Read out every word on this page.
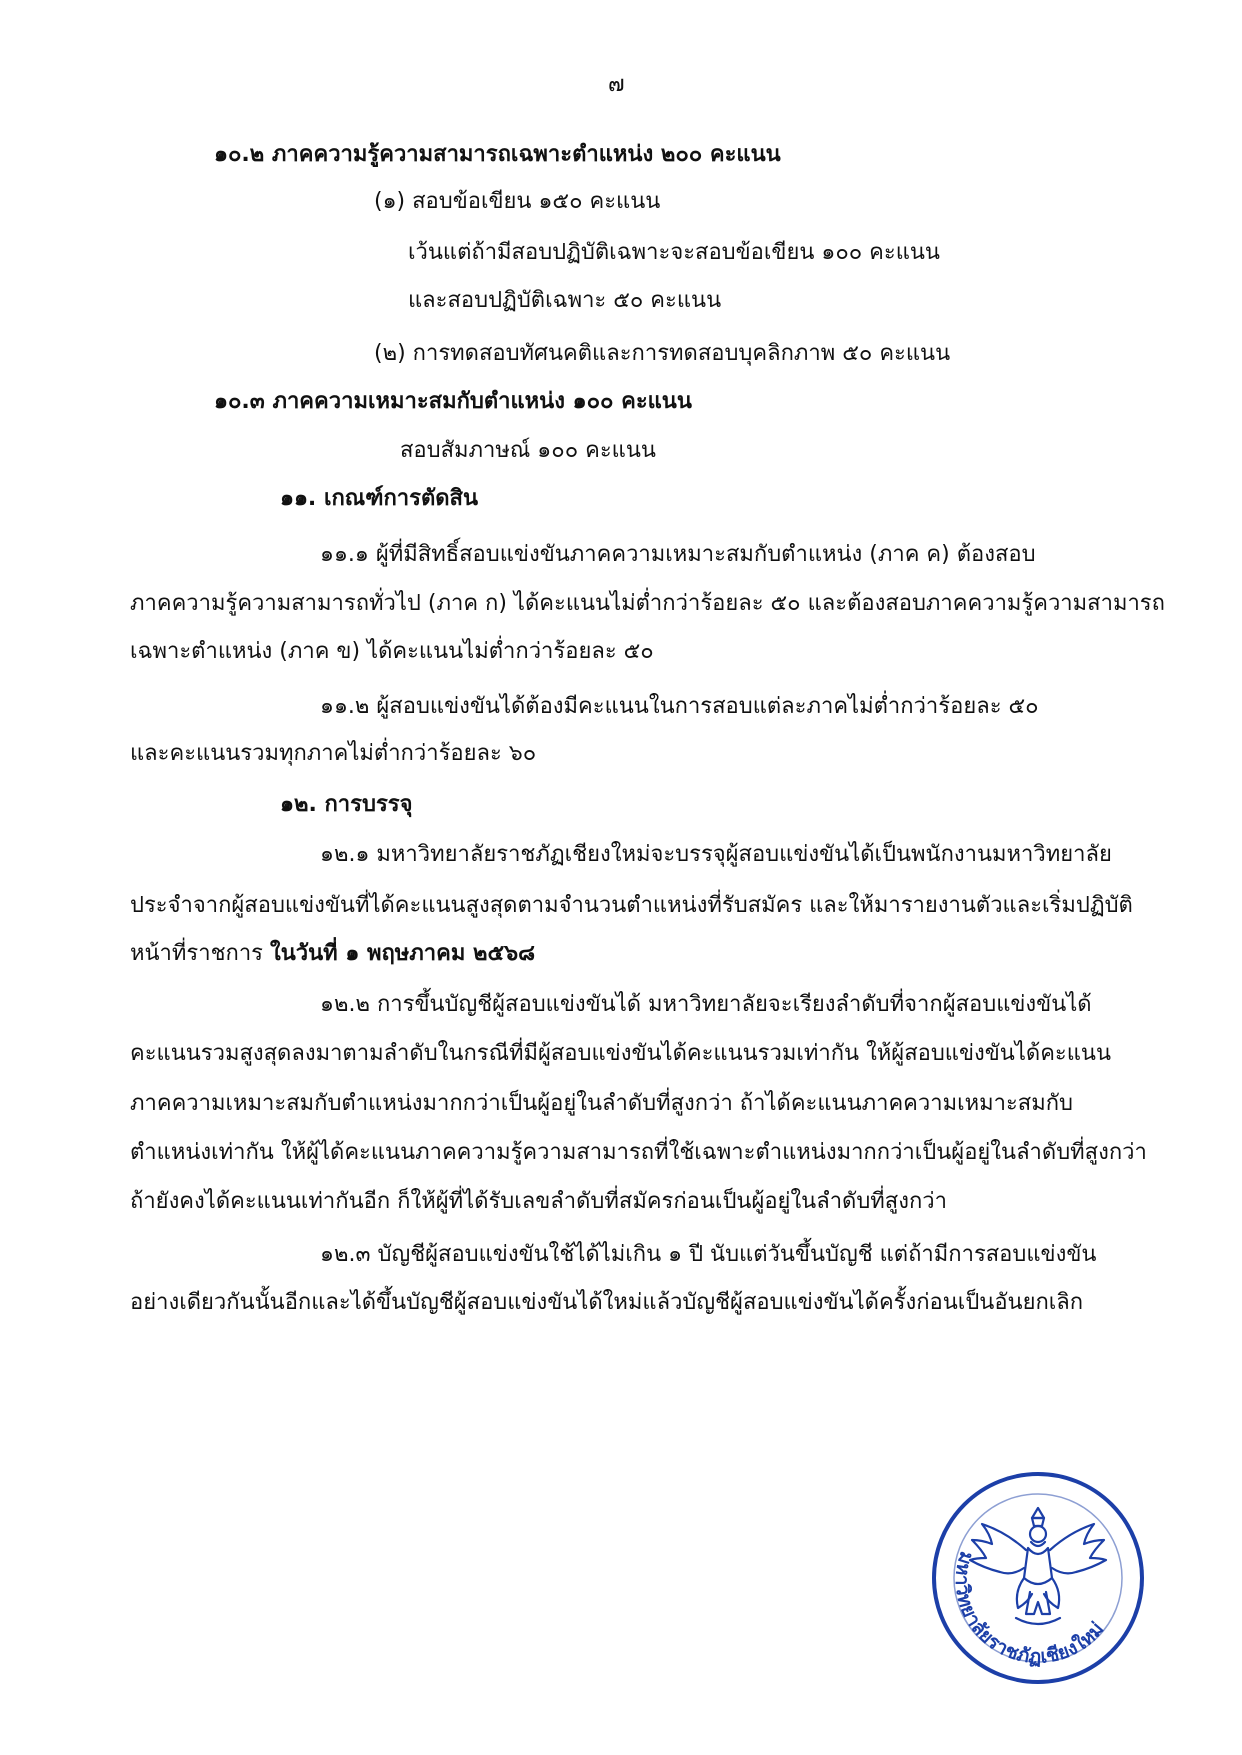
๗
๑๐.๒ ภาคความรู้ความสามารถเฉพาะตำแหน่ง ๒๐๐ คะแนน
(๑) สอบข้อเขียน ๑๕๐ คะแนน
เว้นแต่ถ้ามีสอบปฏิบัติเฉพาะจะสอบข้อเขียน ๑๐๐ คะแนน
และสอบปฏิบัติเฉพาะ ๕๐ คะแนน
(๒) การทดสอบทัศนคติและการทดสอบบุคลิกภาพ ๕๐ คะแนน
๑๐.๓ ภาคความเหมาะสมกับตำแหน่ง ๑๐๐ คะแนน
สอบสัมภาษณ์ ๑๐๐ คะแนน
๑๑. เกณฑ์การตัดสิน
๑๑.๑ ผู้ที่มีสิทธิ์สอบแข่งขันภาคความเหมาะสมกับตำแหน่ง (ภาค ค) ต้องสอบ
ภาคความรู้ความสามารถทั่วไป (ภาค ก) ได้คะแนนไม่ต่ำกว่าร้อยละ ๕๐ และต้องสอบภาคความรู้ความสามารถ
เฉพาะตำแหน่ง (ภาค ข) ได้คะแนนไม่ต่ำกว่าร้อยละ ๕๐
๑๑.๒ ผู้สอบแข่งขันได้ต้องมีคะแนนในการสอบแต่ละภาคไม่ต่ำกว่าร้อยละ ๕๐
และคะแนนรวมทุกภาคไม่ต่ำกว่าร้อยละ ๖๐
๑๒. การบรรจุ
๑๒.๑ มหาวิทยาลัยราชภัฏเชียงใหม่จะบรรจุผู้สอบแข่งขันได้เป็นพนักงานมหาวิทยาลัย
ประจำจากผู้สอบแข่งขันที่ได้คะแนนสูงสุดตามจำนวนตำแหน่งที่รับสมัคร และให้มารายงานตัวและเริ่มปฏิบัติ
หน้าที่ราชการ ในวันที่ ๑ พฤษภาคม ๒๕๖๘
๑๒.๒ การขึ้นบัญชีผู้สอบแข่งขันได้ มหาวิทยาลัยจะเรียงลำดับที่จากผู้สอบแข่งขันได้
คะแนนรวมสูงสุดลงมาตามลำดับในกรณีที่มีผู้สอบแข่งขันได้คะแนนรวมเท่ากัน ให้ผู้สอบแข่งขันได้คะแนน
ภาคความเหมาะสมกับตำแหน่งมากกว่าเป็นผู้อยู่ในลำดับที่สูงกว่า ถ้าได้คะแนนภาคความเหมาะสมกับ
ตำแหน่งเท่ากัน ให้ผู้ได้คะแนนภาคความรู้ความสามารถที่ใช้เฉพาะตำแหน่งมากกว่าเป็นผู้อยู่ในลำดับที่สูงกว่า
ถ้ายังคงได้คะแนนเท่ากันอีก ก็ให้ผู้ที่ได้รับเลขลำดับที่สมัครก่อนเป็นผู้อยู่ในลำดับที่สูงกว่า
๑๒.๓ บัญชีผู้สอบแข่งขันใช้ได้ไม่เกิน ๑ ปี นับแต่วันขึ้นบัญชี แต่ถ้ามีการสอบแข่งขัน
อย่างเดียวกันนั้นอีกและได้ขึ้นบัญชีผู้สอบแข่งขันได้ใหม่แล้วบัญชีผู้สอบแข่งขันได้ครั้งก่อนเป็นอันยกเลิก
มหาวิทยาลัยราชภัฏเชียงใหม่
